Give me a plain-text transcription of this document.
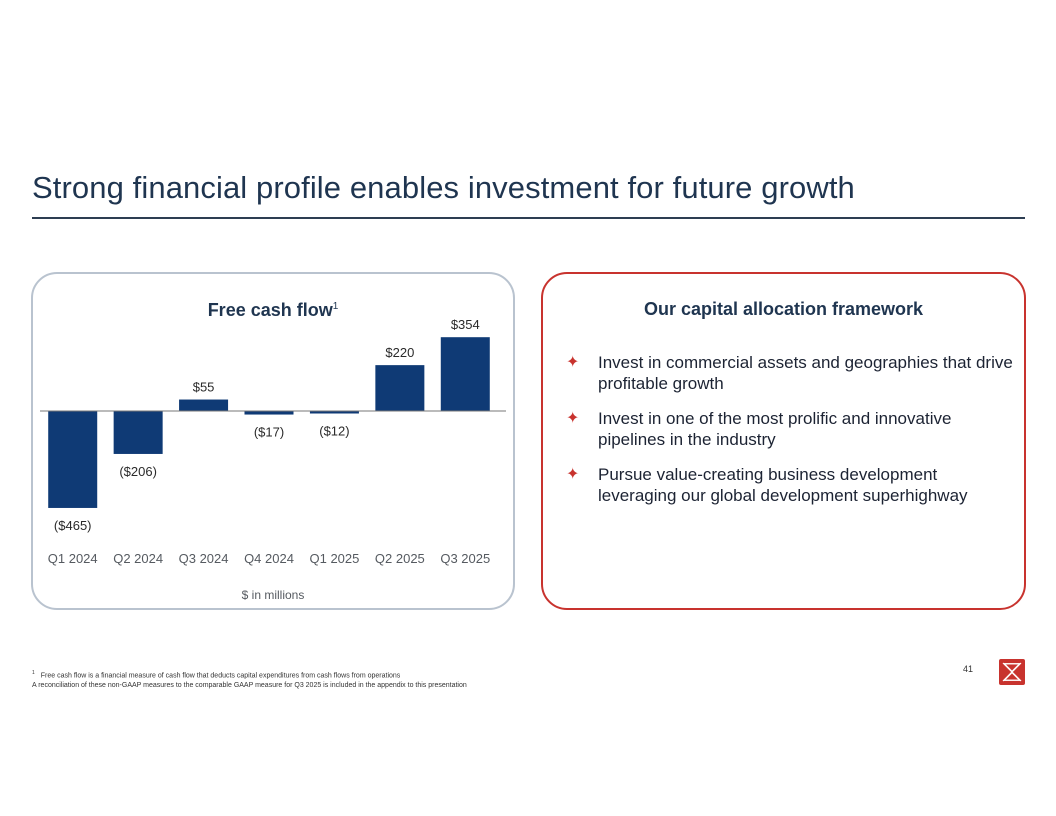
Strong financial profile enables investment for future growth
Free cash flow$^1$
($465)
($206)
$55
($17)	($12)
$220
$354
Q1 2024 Q2 2024 Q3 2024 Q4 2024 Q1 2025 Q2 2025 Q3 2025
$ in millions
Our capital allocation framework
✦ Invest in commercial assets and geographies that drive profitable growth
✦ Invest in one of the most prolific and innovative pipelines in the industry
✦ Pursue value-creating business development leveraging our global development superhighway
$^1$ Free cash flow is a financial measure of cash flow that deducts capital expenditures from cash flows from operations
A reconciliation of these non-GAAP measures to the comparable GAAP measure for Q3 2025 is included in the appendix to this presentation
41
